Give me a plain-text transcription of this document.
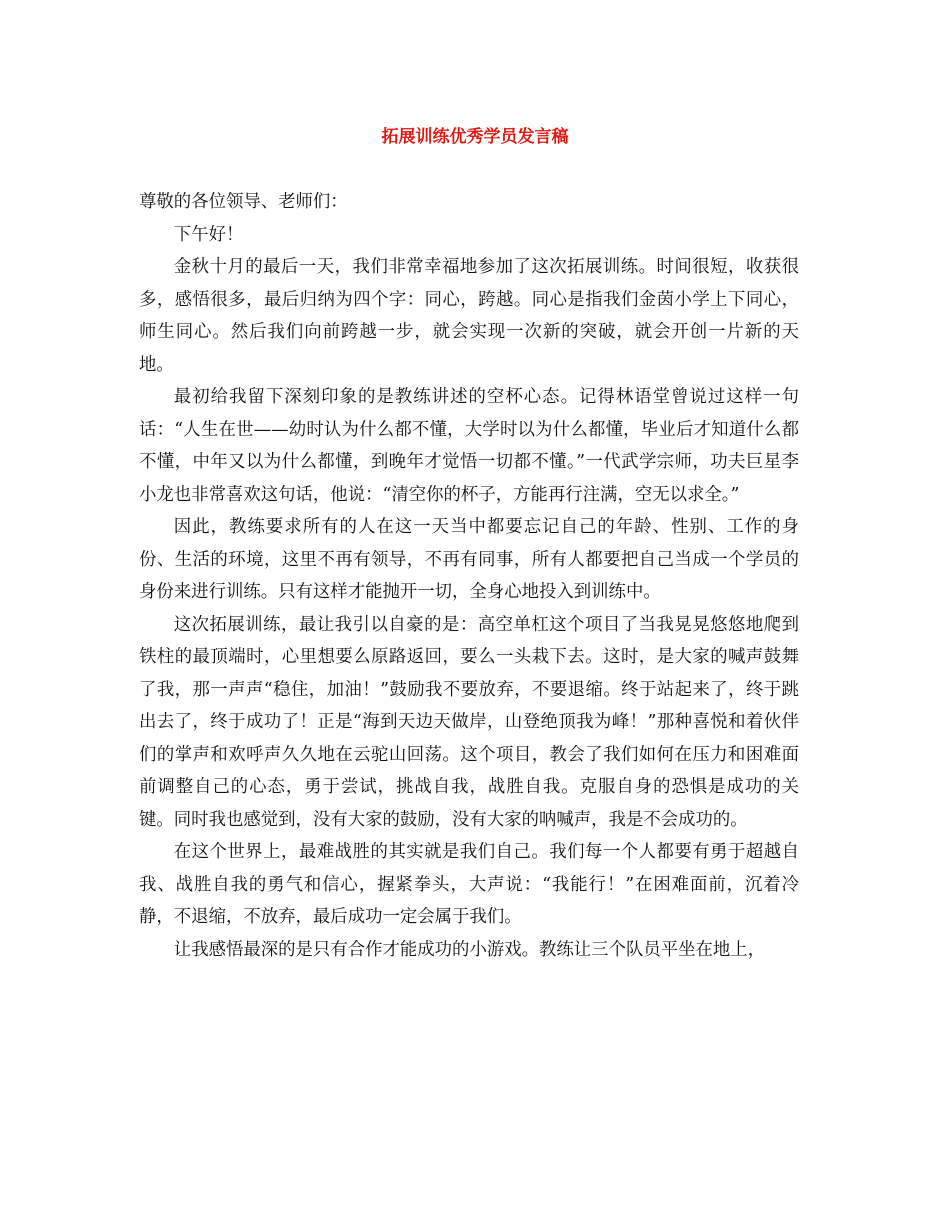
拓展训练优秀学员发言稿

尊敬的各位领导、老师们：

下午好！

金秋十月的最后一天，我们非常幸福地参加了这次拓展训练。时间很短，收获很多，感悟很多，最后归纳为四个字：同心，跨越。同心是指我们金茵小学上下同心，师生同心。然后我们向前跨越一步，就会实现一次新的突破，就会开创一片新的天地。

最初给我留下深刻印象的是教练讲述的空杯心态。记得林语堂曾说过这样一句话：“人生在世——幼时认为什么都不懂，大学时以为什么都懂，毕业后才知道什么都不懂，中年又以为什么都懂，到晚年才觉悟一切都不懂。”一代武学宗师，功夫巨星李小龙也非常喜欢这句话，他说：“清空你的杯子，方能再行注满，空无以求全。”

因此，教练要求所有的人在这一天当中都要忘记自己的年龄、性别、工作的身份、生活的环境，这里不再有领导，不再有同事，所有人都要把自己当成一个学员的身份来进行训练。只有这样才能抛开一切，全身心地投入到训练中。

这次拓展训练，最让我引以自豪的是：高空单杠这个项目了当我晃晃悠悠地爬到铁柱的最顶端时，心里想要么原路返回，要么一头栽下去。这时，是大家的喊声鼓舞了我，那一声声“稳住，加油！”鼓励我不要放弃，不要退缩。终于站起来了，终于跳出去了，终于成功了！正是“海到天边天做岸，山登绝顶我为峰！”那种喜悦和着伙伴们的掌声和欢呼声久久地在云驼山回荡。这个项目，教会了我们如何在压力和困难面前调整自己的心态，勇于尝试，挑战自我，战胜自我。克服自身的恐惧是成功的关键。同时我也感觉到，没有大家的鼓励，没有大家的呐喊声，我是不会成功的。

在这个世界上，最难战胜的其实就是我们自己。我们每一个人都要有勇于超越自我、战胜自我的勇气和信心，握紧拳头，大声说：“我能行！”在困难面前，沉着冷静，不退缩，不放弃，最后成功一定会属于我们。

让我感悟最深的是只有合作才能成功的小游戏。教练让三个队员平坐在地上，
